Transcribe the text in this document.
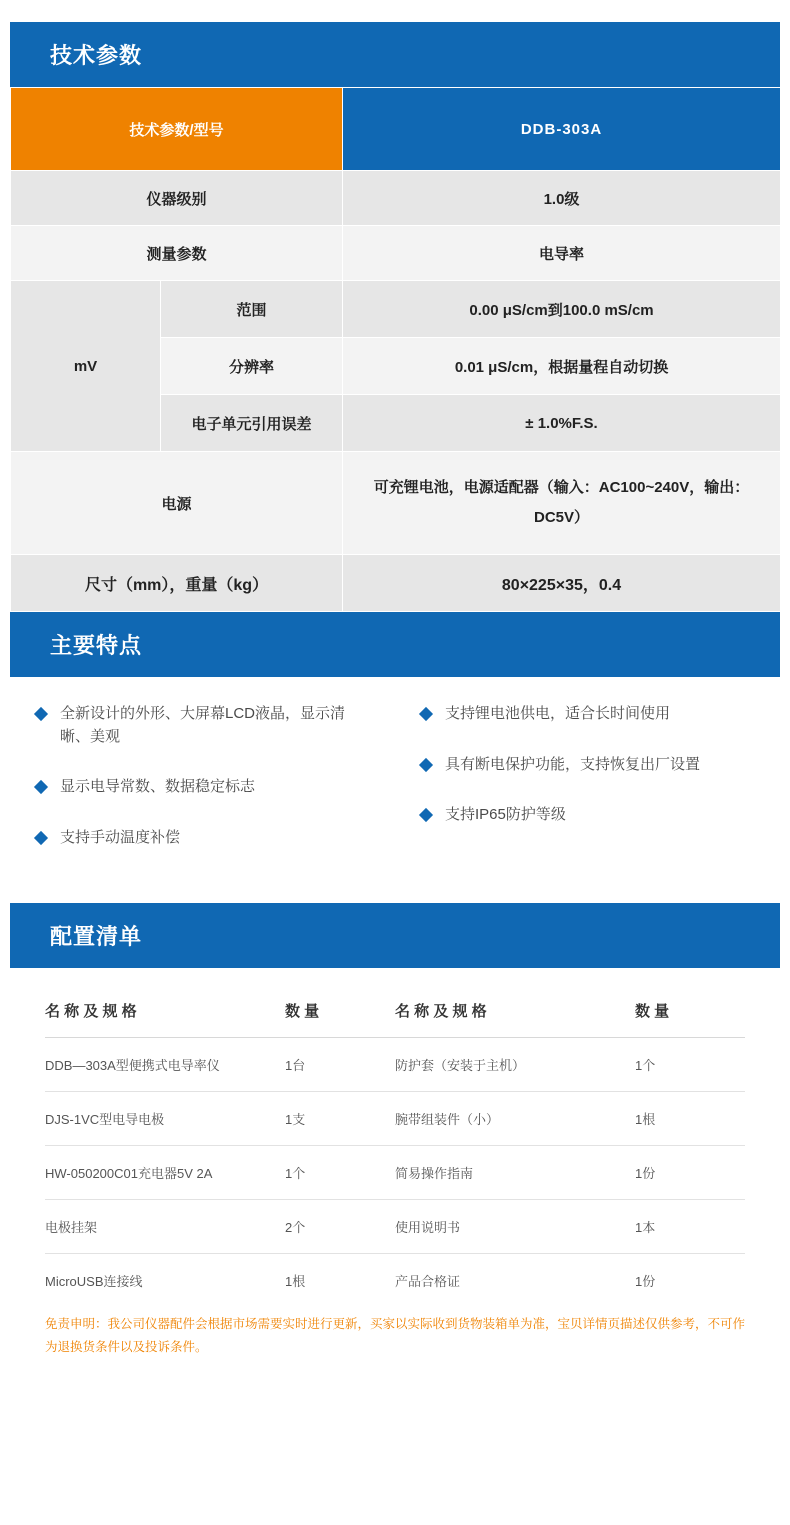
技术参数
技术参数/型号		DDB-303A
仪器级别		1.0级
测量参数		电导率
mV	范围	0.00 μS/cm到100.0 mS/cm
	分辨率	0.01 μS/cm，根据量程自动切换
	电子单元引用误差	± 1.0%F.S.
电源		可充锂电池，电源适配器（输入：AC100~240V，输出：DC5V）
尺寸（mm），重量（kg）		80×225×35，0.4
主要特点
全新设计的外形、大屏幕LCD液晶，显示清晰、美观
显示电导常数、数据稳定标志
支持手动温度补偿
支持锂电池供电，适合长时间使用
具有断电保护功能，支持恢复出厂设置
支持IP65防护等级
配置清单
名 称 及 规 格	数 量	名 称 及 规 格	数 量
DDB—303A型便携式电导率仪	1台	防护套（安装于主机）	1个
DJS-1VC型电导电极	1支	腕带组装件（小）	1根
HW-050200C01充电器5V 2A	1个	简易操作指南	1份
电极挂架	2个	使用说明书	1本
MicroUSB连接线	1根	产品合格证	1份
免责申明：我公司仪器配件会根据市场需要实时进行更新，买家以实际收到货物装箱单为准，宝贝详情页描述仅供参考，不可作为退换货条件以及投诉条件。
